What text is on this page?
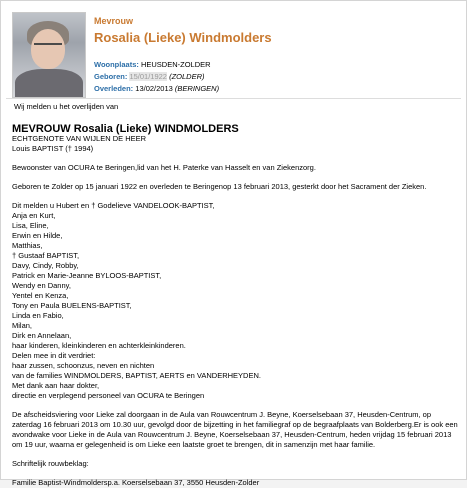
Mevrouw
Rosalia (Lieke) Windmolders
Woonplaats: HEUSDEN-ZOLDER
Geboren: 15/01/1922 (ZOLDER)
Overleden: 13/02/2013 (BERINGEN)

Wij melden u het overlijden van

MEVROUW Rosalia (Lieke) WINDMOLDERS

ECHTGENOTE VAN WIJLEN DE HEER

Louis BAPTIST († 1994)

Bewoonster van OCURA te Beringen,lid van het H. Paterke van Hasselt en van Ziekenzorg.

Geboren te Zolder op 15 januari 1922 en overleden te Beringenop 13 februari 2013, gesterkt door het Sacrament der Zieken.

Dit melden u Hubert en † Godelieve VANDELOOK-BAPTIST,

Anja en Kurt,

Lisa, Eline,

Erwin en Hilde,

Matthias,

† Gustaaf BAPTIST,

Davy, Cindy, Robby,

Patrick en Marie-Jeanne BYLOOS-BAPTIST,

Wendy en Danny,

Yentel en Kenza,

Tony en Paula BUELENS-BAPTIST,

Linda en Fabio,

Milan,

Dirk en Annelaan,

haar kinderen, kleinkinderen en achterkleinkinderen.

Delen mee in dit verdriet:

haar zussen, schoonzus, neven en nichten

van de families WINDMOLDERS, BAPTIST, AERTS en VANDERHEYDEN.

Met dank aan haar dokter,

directie en verplegend personeel van OCURA te Beringen

De afscheidsviering voor Lieke zal doorgaan in de Aula van Rouwcentrum J. Beyne, Koerselsebaan 37, Heusden-Centrum, op zaterdag 16 februari 2013 om 10.30 uur, gevolgd door de bijzetting in het familiegraf op de begraafplaats van Bolderberg.Er is ook een avondwake voor Lieke in de Aula van Rouwcentrum J. Beyne, Koerselsebaan 37, Heusden-Centrum, heden vrijdag 15 februari 2013 om 19 uur, waarna er gelegenheid is om Lieke een laatste groet te brengen, dit in samenzijn met haar familie.

Schriftelijk rouwbeklag:

Familie Baptist-Windmoldersp.a. Koerselsebaan 37, 3550 Heusden-Zolder
